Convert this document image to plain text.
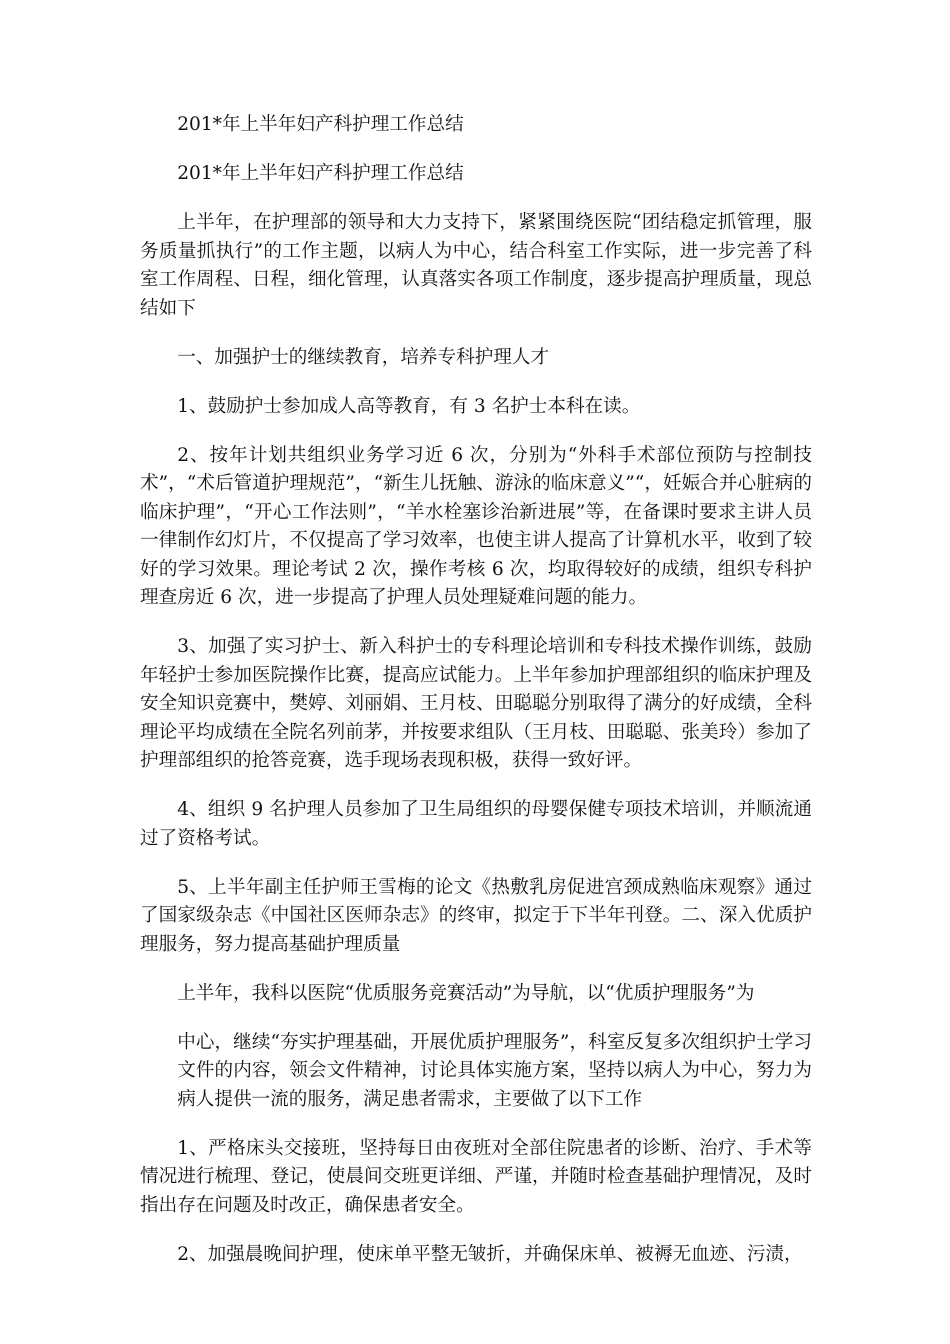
201*年上半年妇产科护理工作总结

201*年上半年妇产科护理工作总结

上半年，在护理部的领导和大力支持下，紧紧围绕医院“团结稳定抓管理，服务质量抓执行”的工作主题，以病人为中心，结合科室工作实际，进一步完善了科室工作周程、日程，细化管理，认真落实各项工作制度，逐步提高护理质量，现总结如下

一、加强护士的继续教育，培养专科护理人才

1、鼓励护士参加成人高等教育，有 3 名护士本科在读。

2、按年计划共组织业务学习近 6 次，分别为“外科手术部位预防与控制技术”，“术后管道护理规范”，“新生儿抚触、游泳的临床意义”“，妊娠合并心脏病的临床护理”，“开心工作法则”，“羊水栓塞诊治新进展”等，在备课时要求主讲人员一律制作幻灯片，不仅提高了学习效率，也使主讲人提高了计算机水平，收到了较好的学习效果。理论考试 2 次，操作考核 6 次，均取得较好的成绩，组织专科护理查房近 6 次，进一步提高了护理人员处理疑难问题的能力。

3、加强了实习护士、新入科护士的专科理论培训和专科技术操作训练，鼓励年轻护士参加医院操作比赛，提高应试能力。上半年参加护理部组织的临床护理及安全知识竞赛中，樊婷、刘丽娟、王月枝、田聪聪分别取得了满分的好成绩，全科理论平均成绩在全院名列前茅，并按要求组队（王月枝、田聪聪、张美玲）参加了护理部组织的抢答竞赛，选手现场表现积极，获得一致好评。

4、组织 9 名护理人员参加了卫生局组织的母婴保健专项技术培训，并顺流通过了资格考试。

5、上半年副主任护师王雪梅的论文《热敷乳房促进宫颈成熟临床观察》通过了国家级杂志《中国社区医师杂志》的终审，拟定于下半年刊登。二、深入优质护理服务，努力提高基础护理质量

上半年，我科以医院“优质服务竞赛活动”为导航，以“优质护理服务”为

中心，继续“夯实护理基础，开展优质护理服务”，科室反复多次组织护士学习文件的内容，领会文件精神，讨论具体实施方案，坚持以病人为中心，努力为病人提供一流的服务，满足患者需求，主要做了以下工作

1、严格床头交接班，坚持每日由夜班对全部住院患者的诊断、治疗、手术等情况进行梳理、登记，使晨间交班更详细、严谨，并随时检查基础护理情况，及时指出存在问题及时改正，确保患者安全。

2、加强晨晚间护理，使床单平整无皱折，并确保床单、被褥无血迹、污渍，
